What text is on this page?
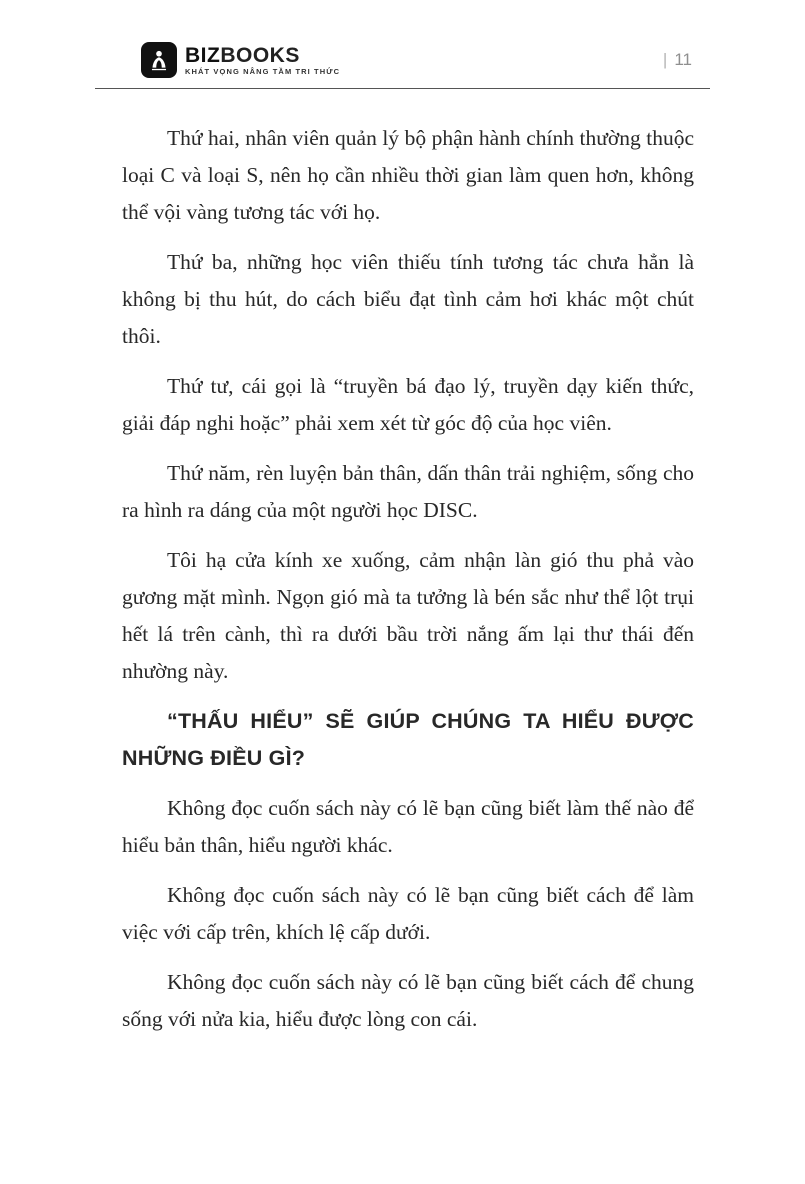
BIZBOOKS
KHÁT VỌNG NÂNG TẦM TRI THỨC
| 11

Thứ hai, nhân viên quản lý bộ phận hành chính thường thuộc loại C và loại S, nên họ cần nhiều thời gian làm quen hơn, không thể vội vàng tương tác với họ.

Thứ ba, những học viên thiếu tính tương tác chưa hẳn là không bị thu hút, do cách biểu đạt tình cảm hơi khác một chút thôi.

Thứ tư, cái gọi là “truyền bá đạo lý, truyền dạy kiến thức, giải đáp nghi hoặc” phải xem xét từ góc độ của học viên.

Thứ năm, rèn luyện bản thân, dấn thân trải nghiệm, sống cho ra hình ra dáng của một người học DISC.

Tôi hạ cửa kính xe xuống, cảm nhận làn gió thu phả vào gương mặt mình. Ngọn gió mà ta tưởng là bén sắc như thể lột trụi hết lá trên cành, thì ra dưới bầu trời nắng ấm lại thư thái đến nhường này.

“THẤU HIỂU” SẼ GIÚP CHÚNG TA HIỂU ĐƯỢC NHỮNG ĐIỀU GÌ?

Không đọc cuốn sách này có lẽ bạn cũng biết làm thế nào để hiểu bản thân, hiểu người khác.

Không đọc cuốn sách này có lẽ bạn cũng biết cách để làm việc với cấp trên, khích lệ cấp dưới.

Không đọc cuốn sách này có lẽ bạn cũng biết cách để chung sống với nửa kia, hiểu được lòng con cái.
